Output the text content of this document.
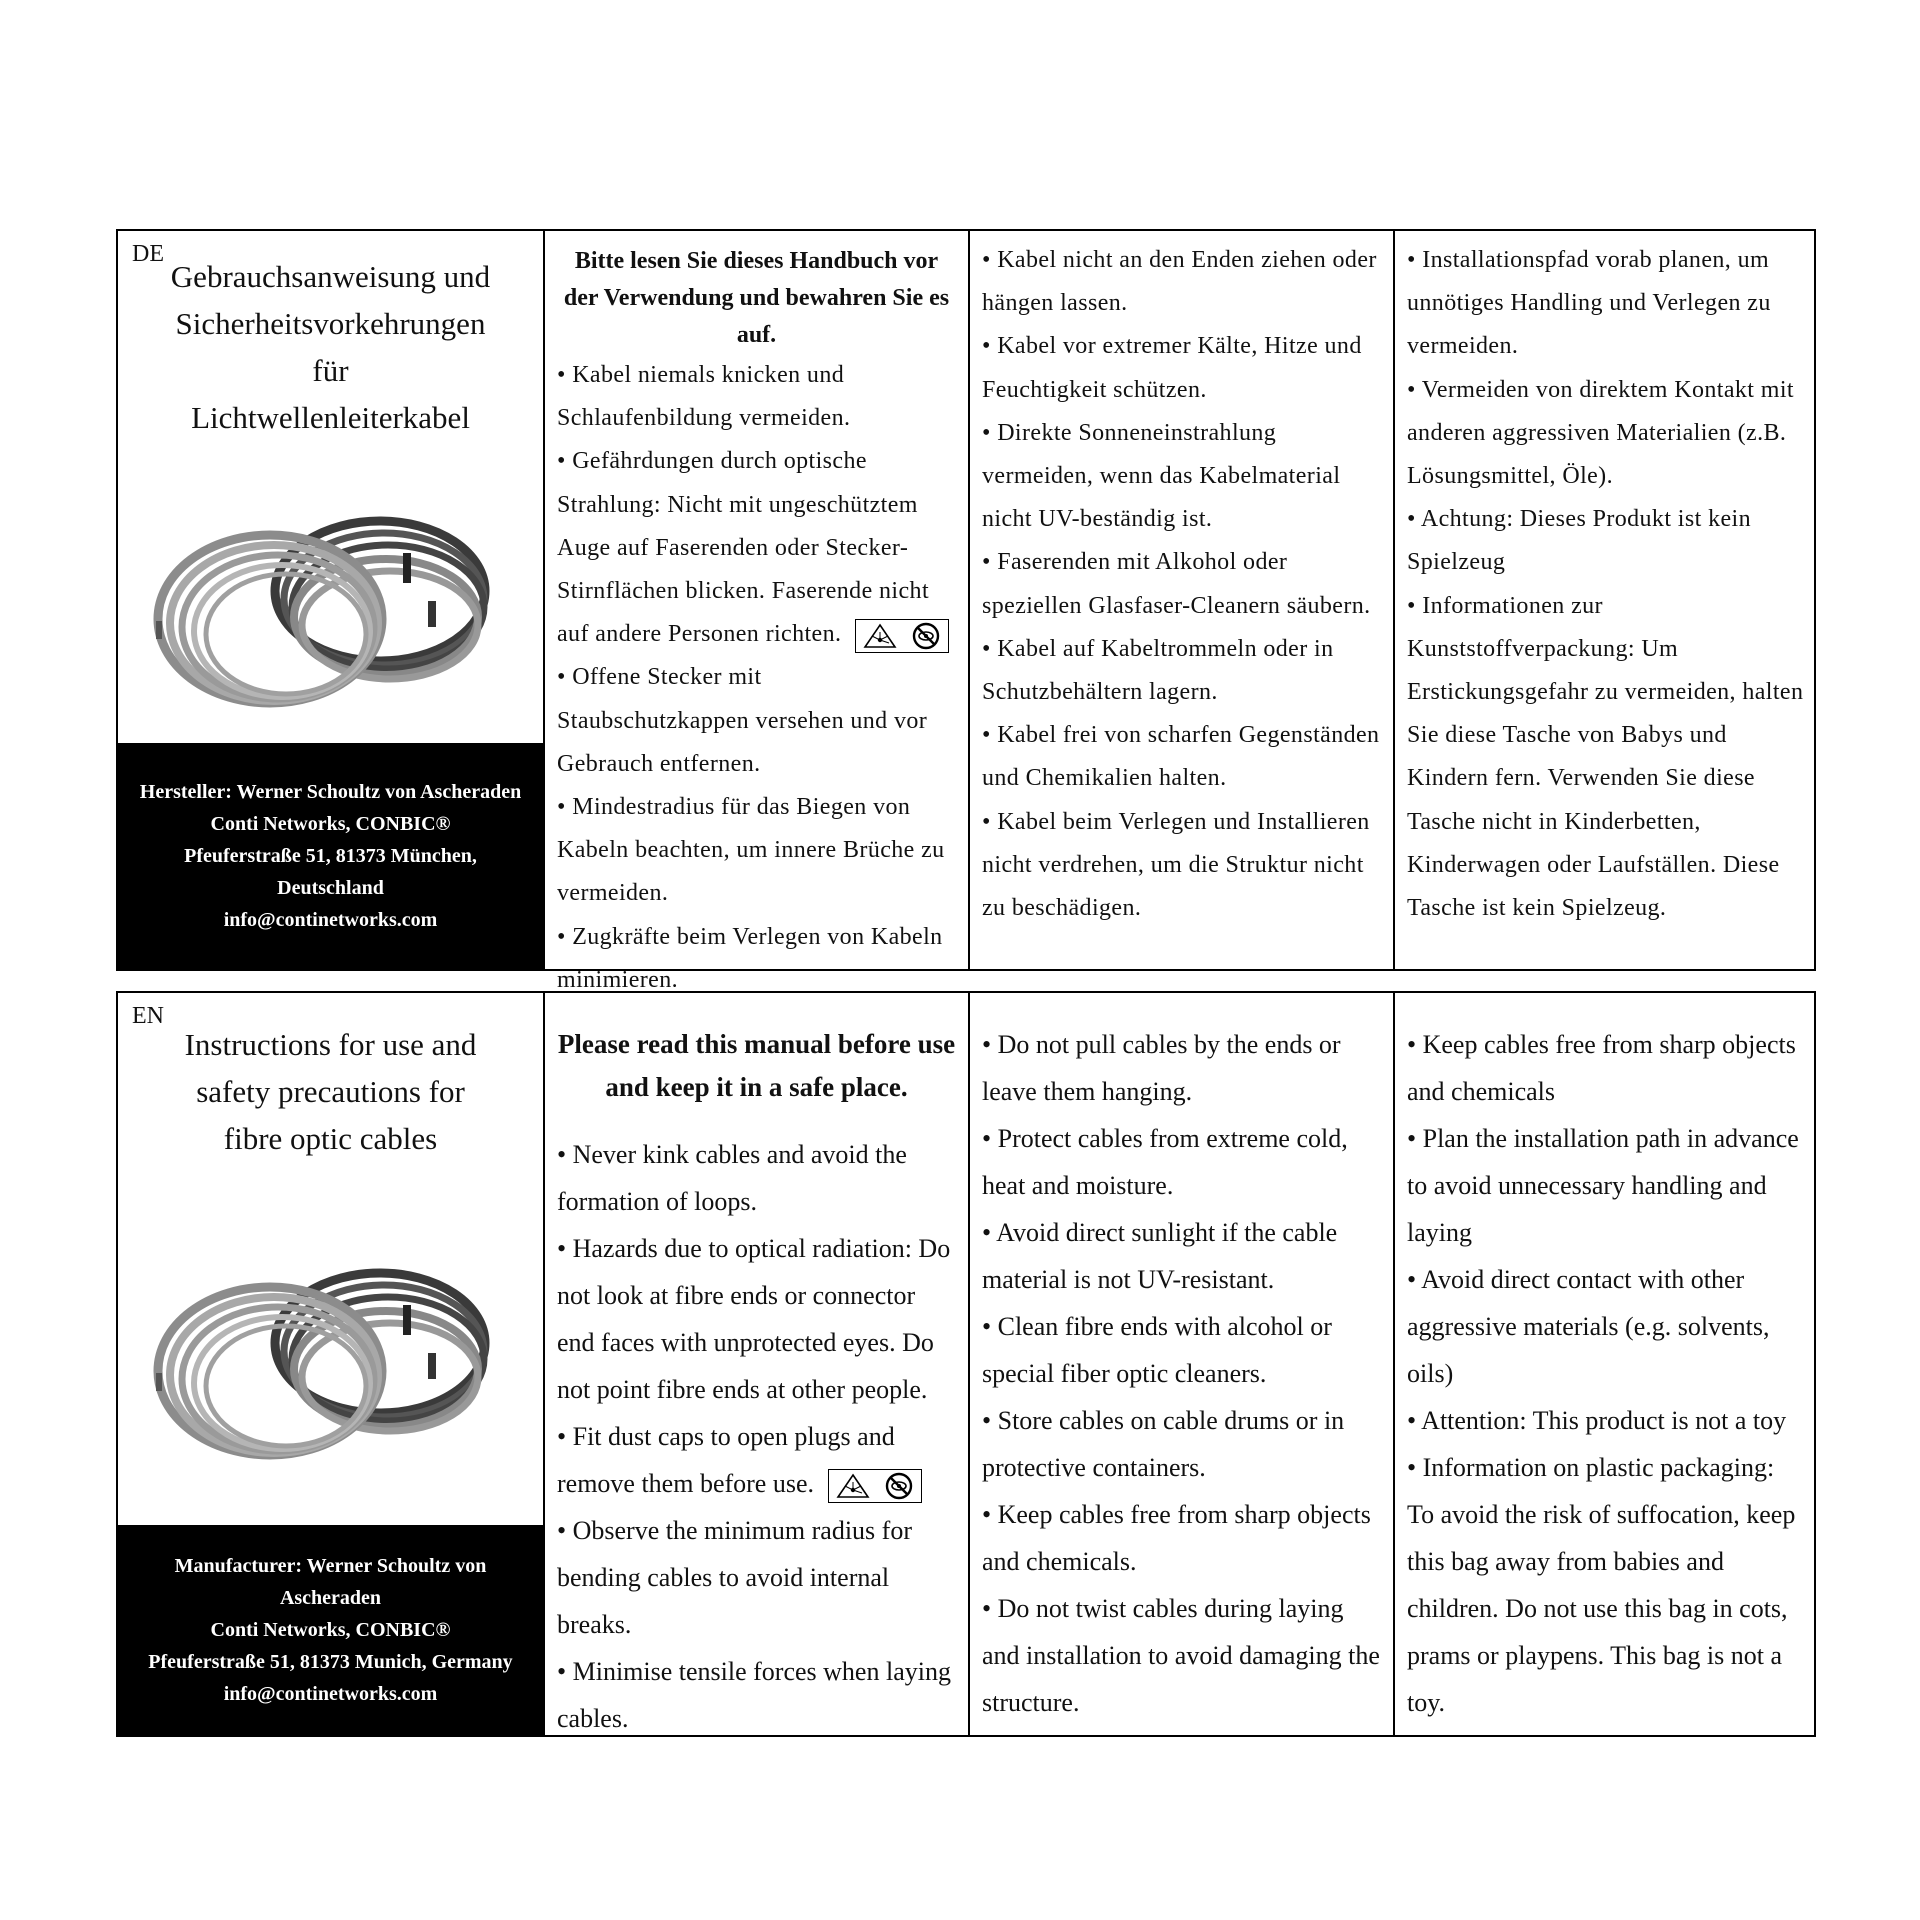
DE
Gebrauchsanweisung und
Sicherheitsvorkehrungen
für
Lichtwellenleiterkabel
Hersteller: Werner Schoultz von Ascheraden
Conti Networks, CONBIC®
Pfeuferstraße 51, 81373 München,
Deutschland
info@continetworks.com
Bitte lesen Sie dieses Handbuch vor der Verwendung und bewahren Sie es auf.

• Kabel niemals knicken und Schlaufenbildung vermeiden.

• Gefährdungen durch optische Strahlung: Nicht mit ungeschütztem Auge auf Faserenden oder Stecker-Stirnflächen blicken. Faserende nicht auf andere Personen richten.

• Offene Stecker mit Staubschutzkappen versehen und vor Gebrauch entfernen.

• Mindestradius für das Biegen von Kabeln beachten, um innere Brüche zu vermeiden.

• Zugkräfte beim Verlegen von Kabeln minimieren.

• Kabel nicht an den Enden ziehen oder hängen lassen.

• Kabel vor extremer Kälte, Hitze und Feuchtigkeit schützen.

• Direkte Sonneneinstrahlung vermeiden, wenn das Kabelmaterial nicht UV-beständig ist.

• Faserenden mit Alkohol oder speziellen Glasfaser-Cleanern säubern.

• Kabel auf Kabeltrommeln oder in Schutzbehältern lagern.

• Kabel frei von scharfen Gegenständen und Chemikalien halten.

• Kabel beim Verlegen und Installieren nicht verdrehen, um die Struktur nicht zu beschädigen.

• Installationspfad vorab planen, um unnötiges Handling und Verlegen zu vermeiden.

• Vermeiden von direktem Kontakt mit anderen aggressiven Materialien (z.B. Lösungsmittel, Öle).

• Achtung: Dieses Produkt ist kein Spielzeug

• Informationen zur Kunststoffverpackung: Um Erstickungsgefahr zu vermeiden, halten Sie diese Tasche von Babys und Kindern fern. Verwenden Sie diese Tasche nicht in Kinderbetten, Kinderwagen oder Laufställen. Diese Tasche ist kein Spielzeug.

EN
Instructions for use and
safety precautions for
fibre optic cables
Manufacturer: Werner Schoultz von
Ascheraden
Conti Networks, CONBIC®
Pfeuferstraße 51, 81373 Munich, Germany
info@continetworks.com
Please read this manual before use and keep it in a safe place.

• Never kink cables and avoid the formation of loops.

• Hazards due to optical radiation: Do not look at fibre ends or connector end faces with unprotected eyes. Do not point fibre ends at other people.

• Fit dust caps to open plugs and remove them before use.

• Observe the minimum radius for bending cables to avoid internal breaks.

• Minimise tensile forces when laying cables.

• Do not pull cables by the ends or leave them hanging.

• Protect cables from extreme cold, heat and moisture.

• Avoid direct sunlight if the cable material is not UV-resistant.

• Clean fibre ends with alcohol or special fiber optic cleaners.

• Store cables on cable drums or in protective containers.

• Keep cables free from sharp objects and chemicals.

• Do not twist cables during laying and installation to avoid damaging the structure.

• Keep cables free from sharp objects and chemicals

• Plan the installation path in advance to avoid unnecessary handling and laying

• Avoid direct contact with other aggressive materials (e.g. solvents, oils)

• Attention: This product is not a toy

• Information on plastic packaging: To avoid the risk of suffocation, keep this bag away from babies and children. Do not use this bag in cots, prams or playpens. This bag is not a toy.
